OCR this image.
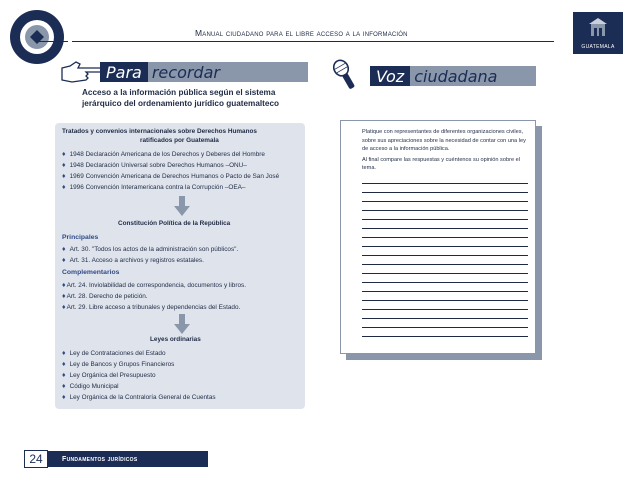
Manual ciudadano para el libre acceso a la información
GUATEMALA
Para recordar
Acceso a la información pública según el sistema
jerárquico del ordenamiento jurídico guatemalteco
Tratados y convenios internacionales sobre Derechos Humanos
ratificados por Guatemala
♦ 1948 Declaración Americana de los Derechos y Deberes del Hombre
♦ 1948 Declaración Universal sobre Derechos Humanos –ONU–
♦ 1969 Convención Americana de Derechos Humanos o Pacto de San José
♦ 1996 Convención Interamericana contra la Corrupción –OEA–
Constitución Política de la República
Principales
♦ Art. 30. "Todos los actos de la administración son públicos".
♦ Art. 31. Acceso a archivos y registros estatales.
Complementarios
♦Art. 24. Inviolabilidad de correspondencia, documentos y libros.
♦Art. 28. Derecho de petición.
♦Art. 29. Libre acceso a tribunales y dependencias del Estado.
Leyes ordinarias
♦ Ley de Contrataciones del Estado
♦ Ley de Bancos y Grupos Financieros
♦ Ley Orgánica del Presupuesto
♦ Código Municipal
♦ Ley Orgánica de la Contraloría General de Cuentas
Voz ciudadana
Platique con representantes de diferentes organizaciones civiles, sobre sus apreciaciones sobre la necesidad de contar con una ley de acceso a la información pública.
Al final compare las respuestas y cuéntenos su opinión sobre el tema.
24	Fundamentos jurídicos
